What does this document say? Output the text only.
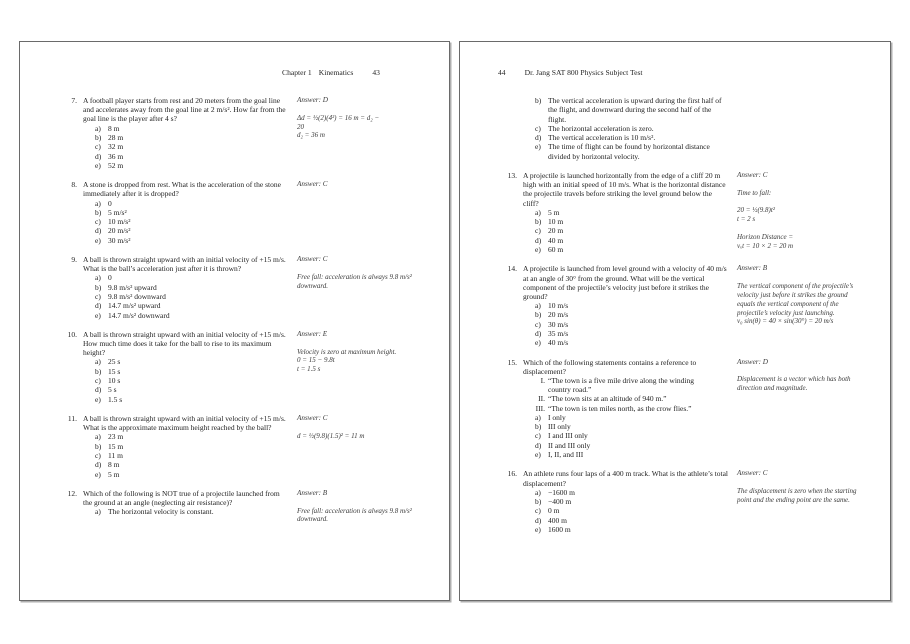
Chapter 1 Kinematics	43
7. A football player starts from rest and 20 meters from the goal line and accelerates away from the goal line at 2 m/s². How far from the goal line is the player after 4 s?
a) 8 m
b) 28 m
c) 32 m
d) 36 m
e) 52 m
Answer: D
Δd = ½(2)(4²) = 16 m = d₂ −
20
d₂ = 36 m
8. A stone is dropped from rest. What is the acceleration of the stone immediately after it is dropped?
a) 0
b) 5 m/s²
c) 10 m/s²
d) 20 m/s²
e) 30 m/s²
Answer: C
9. A ball is thrown straight upward with an initial velocity of +15 m/s. What is the ball’s acceleration just after it is thrown?
a) 0
b) 9.8 m/s² upward
c) 9.8 m/s² downward
d) 14.7 m/s² upward
e) 14.7 m/s² downward
Answer: C
Free fall: acceleration is always 9.8 m/s² downward.
10. A ball is thrown straight upward with an initial velocity of +15 m/s. How much time does it take for the ball to rise to its maximum height?
a) 25 s
b) 15 s
c) 10 s
d) 5 s
e) 1.5 s
Answer: E
Velocity is zero at maximum height.
0 = 15 − 9.8t
t = 1.5 s
11. A ball is thrown straight upward with an initial velocity of +15 m/s. What is the approximate maximum height reached by the ball?
a) 23 m
b) 15 m
c) 11 m
d) 8 m
e) 5 m
Answer: C
d = ½(9.8)(1.5)² = 11 m
12. Which of the following is NOT true of a projectile launched from the ground at an angle (neglecting air resistance)?
a) The horizontal velocity is constant.
Answer: B
Free fall: acceleration is always 9.8 m/s² downward.
44	Dr. Jang SAT 800 Physics Subject Test
b) The vertical acceleration is upward during the first half of the flight, and downward during the second half of the flight.
c) The horizontal acceleration is zero.
d) The vertical acceleration is 10 m/s².
e) The time of flight can be found by horizontal distance divided by horizontal velocity.
13. A projectile is launched horizontally from the edge of a cliff 20 m high with an initial speed of 10 m/s. What is the horizontal distance the projectile travels before striking the level ground below the cliff?
a) 5 m
b) 10 m
c) 20 m
d) 40 m
e) 60 m
Answer: C
Time to fall:
20 = ½(9.8)t²
t = 2 s
Horizon Distance =
vₓt = 10 × 2 = 20 m
14. A projectile is launched from level ground with a velocity of 40 m/s at an angle of 30° from the ground. What will be the vertical component of the projectile’s velocity just before it strikes the ground?
a) 10 m/s
b) 20 m/s
c) 30 m/s
d) 35 m/s
e) 40 m/s
Answer: B
The vertical component of the projectile’s velocity just before it strikes the ground equals the vertical component of the projectile’s velocity just launching.
v₀ sin(θ) = 40 × sin(30°) = 20 m/s
15. Which of the following statements contains a reference to displacement?
I. “The town is a five mile drive along the winding country road.”
II. “The town sits at an altitude of 940 m.”
III. “The town is ten miles north, as the crow flies.”
a) I only
b) III only
c) I and III only
d) II and III only
e) I, II, and III
Answer: D
Displacement is a vector which has both direction and magnitude.
16. An athlete runs four laps of a 400 m track. What is the athlete’s total displacement?
a) −1600 m
b) −400 m
c) 0 m
d) 400 m
e) 1600 m
Answer: C
The displacement is zero when the starting point and the ending point are the same.
